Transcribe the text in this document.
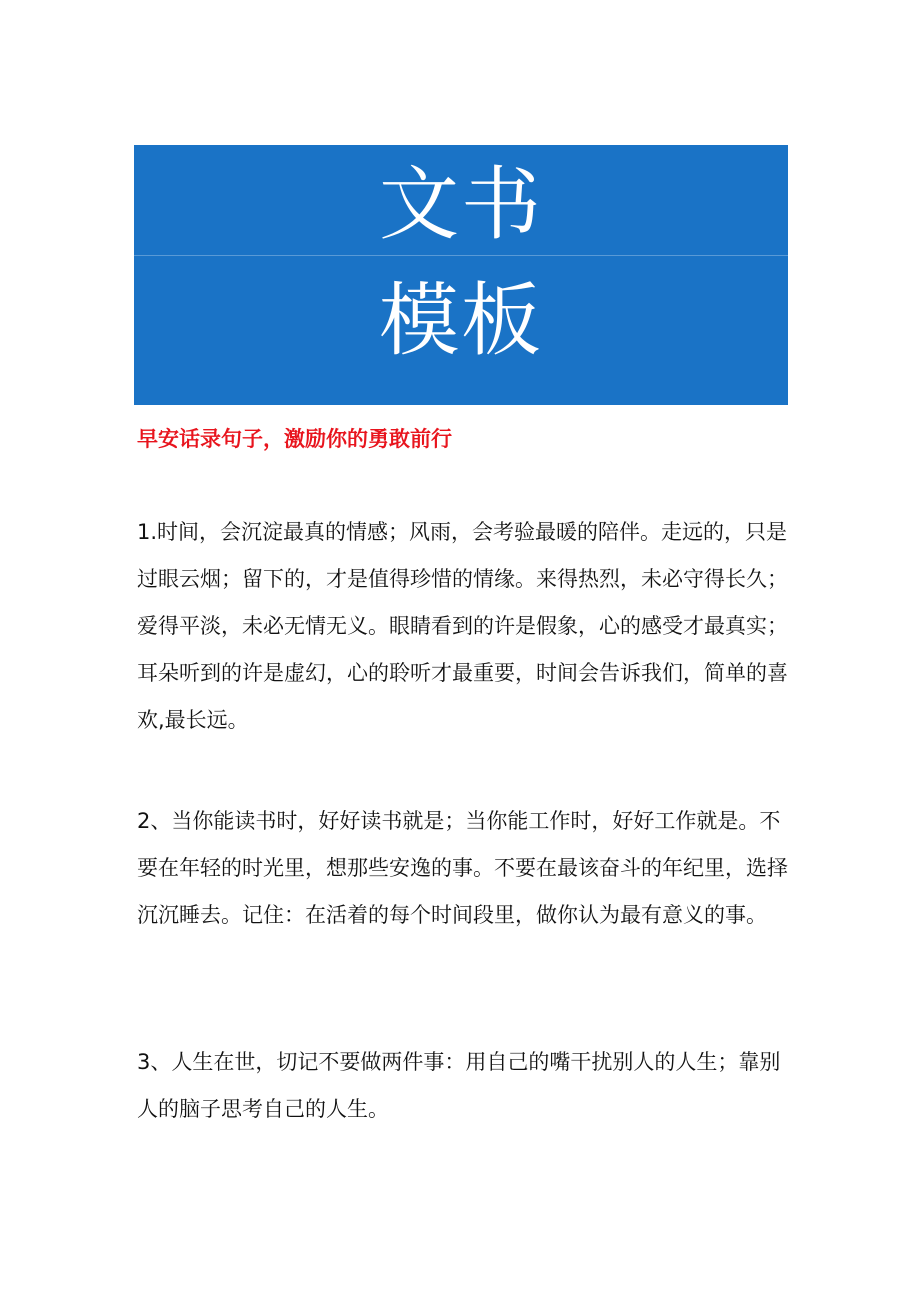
文书
模板
早安话录句子，激励你的勇敢前行

1.时间，会沉淀最真的情感；风雨，会考验最暖的陪伴。走远的，只是过眼云烟；留下的，才是值得珍惜的情缘。来得热烈，未必守得长久；爱得平淡，未必无情无义。眼睛看到的许是假象，心的感受才最真实；耳朵听到的许是虚幻，心的聆听才最重要，时间会告诉我们，简单的喜欢,最长远。

2、当你能读书时，好好读书就是；当你能工作时，好好工作就是。不要在年轻的时光里，想那些安逸的事。不要在最该奋斗的年纪里，选择沉沉睡去。记住：在活着的每个时间段里，做你认为最有意义的事。

3、人生在世，切记不要做两件事：用自己的嘴干扰别人的人生；靠别人的脑子思考自己的人生。
